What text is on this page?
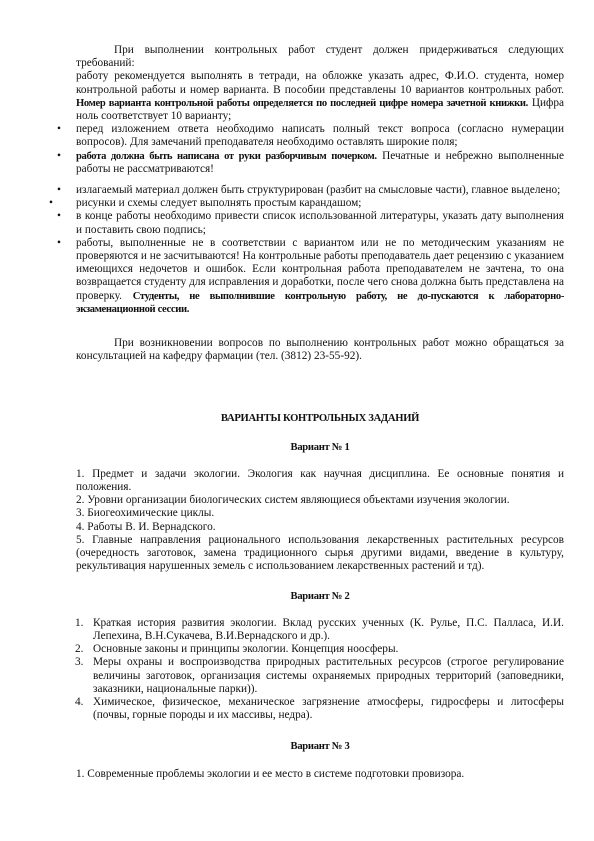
При выполнении контрольных работ студент должен придерживаться следующих требований:

работу рекомендуется выполнять в тетради, на обложке указать адрес, Ф.И.О. студента, номер контрольной работы и номер варианта. В пособии представлены 10 вариантов контрольных работ. Номер варианта контрольной работы определяется по последней цифре номера зачетной книжки. Цифра ноль соответствует 10 варианту;

• перед изложением ответа необходимо написать полный текст вопроса (согласно нумерации вопросов). Для замечаний преподавателя необходимо оставлять широкие поля;
• работа должна быть написана от руки разборчивым почерком. Печатные и небрежно выполненные работы не рассматриваются!
• излагаемый материал должен быть структурирован (разбит на смысловые части), главное выделено;
• рисунки и схемы следует выполнять простым карандашом;
• в конце работы необходимо привести список использованной литературы, указать дату выполнения и поставить свою подпись;
• работы, выполненные не в соответствии с вариантом или не по методическим указаниям не проверяются и не засчитываются! На контрольные работы преподаватель дает рецензию с указанием имеющихся недочетов и ошибок. Если контрольная работа преподавателем не зачтена, то она возвращается студенту для исправления и доработки, после чего снова должна быть представлена на проверку. Студенты, не выполнившие контрольную работу, не до-пускаются к лабораторно-экзаменационной сессии.

При возникновении вопросов по выполнению контрольных работ можно обращаться за консультацией на кафедру фармации (тел. (3812) 23-55-92).

ВАРИАНТЫ КОНТРОЛЬНЫХ ЗАДАНИЙ
Вариант № 1
1. Предмет и задачи экологии. Экология как научная дисциплина. Ее основные понятия и положения.
2. Уровни организации биологических систем являющиеся объектами изучения экологии.
3. Биогеохимические циклы.
4. Работы В. И. Вернадского.
5. Главные направления рационального использования лекарственных растительных ресурсов (очередность заготовок, замена традиционного сырья другими видами, введение в культуру, рекультивация нарушенных земель с использованием лекарственных растений и тд).
Вариант № 2
1. Краткая история развития экологии. Вклад русских ученных (К. Рулье, П.С. Палласа, И.И. Лепехина, В.Н.Сукачева, В.И.Вернадского и др.).
2. Основные законы и принципы экологии. Концепция ноосферы.
3. Меры охраны и воспроизводства природных растительных ресурсов (строгое регулирование величины заготовок, организация системы охраняемых природных территорий (заповедники, заказники, национальные парки)).
4. Химическое, физическое, механическое загрязнение атмосферы, гидросферы и литосферы (почвы, горные породы и их массивы, недра).
Вариант № 3
1. Современные проблемы экологии и ее место в системе подготовки провизора.
